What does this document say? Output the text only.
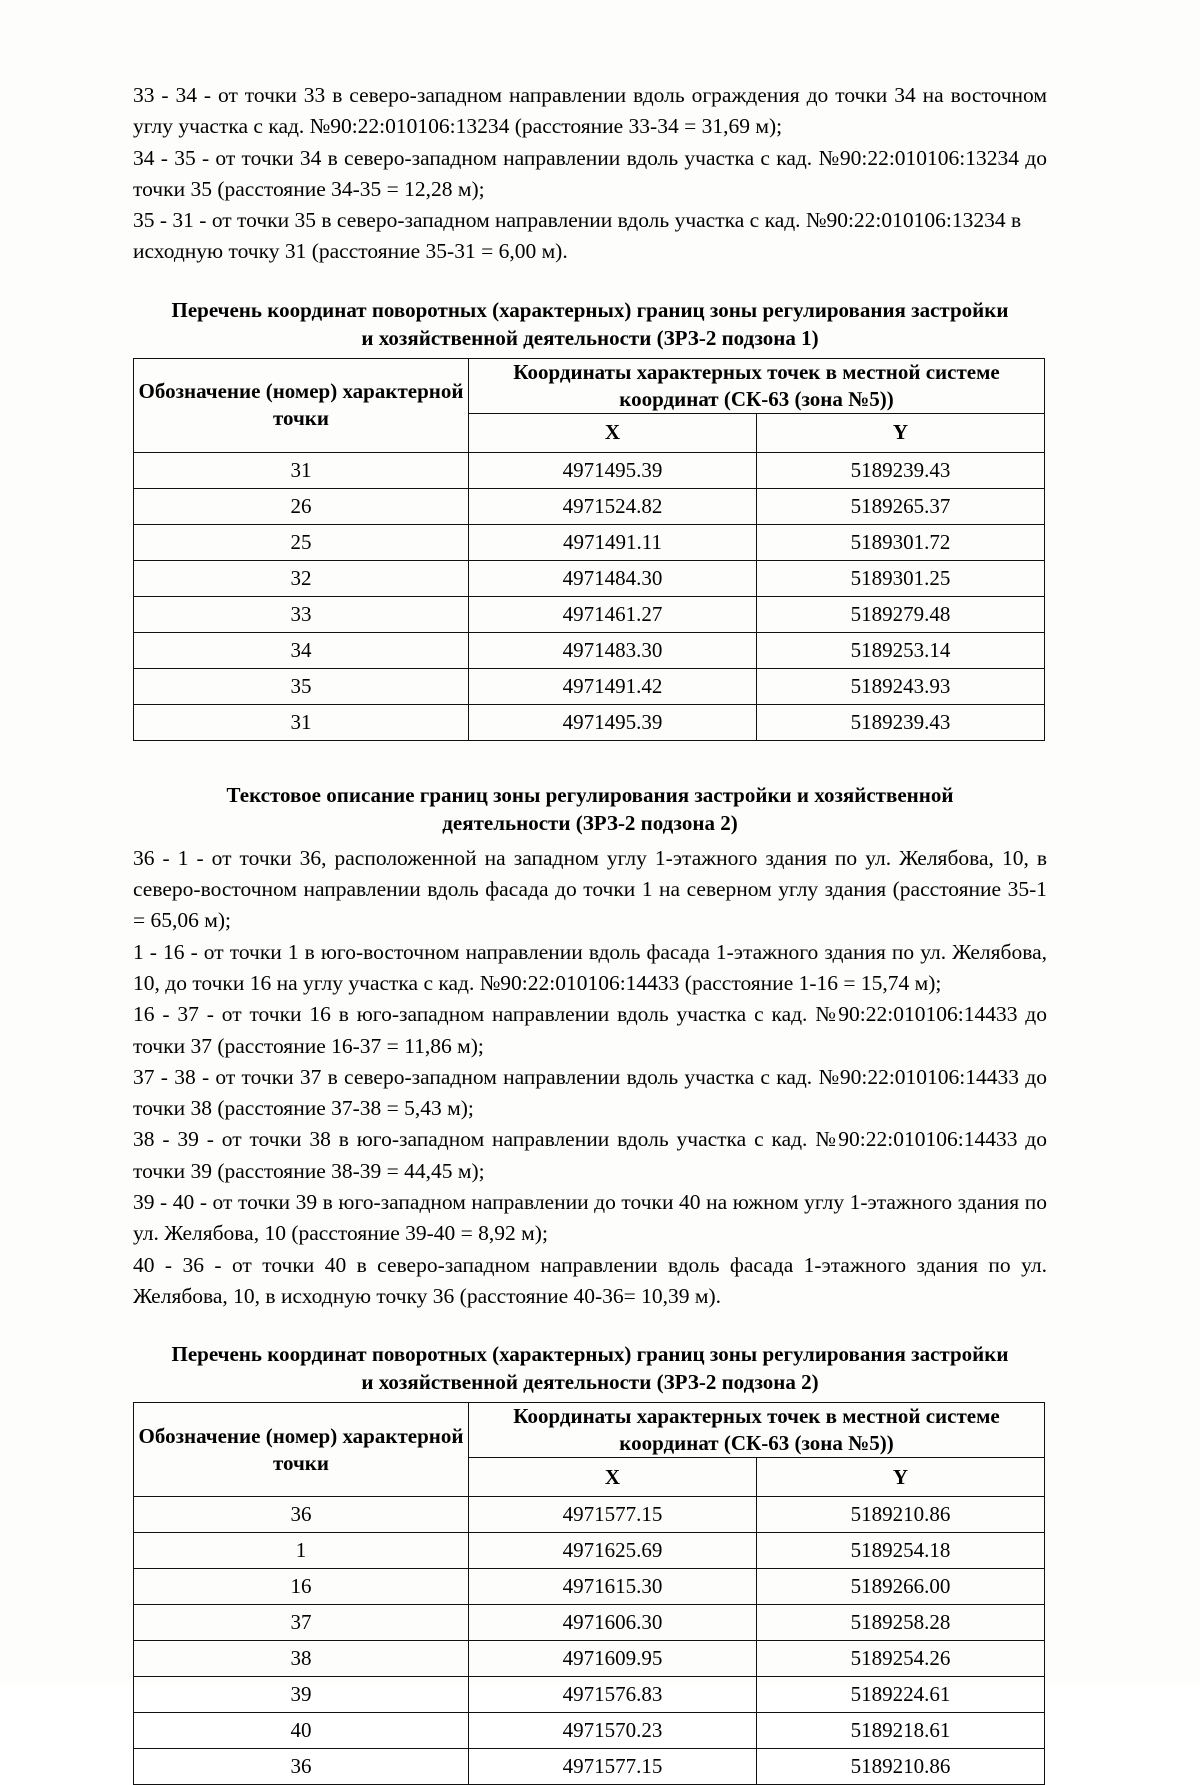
33 - 34 - от точки 33 в северо-западном направлении вдоль ограждения до точки 34 на восточном углу участка с кад. №90:22:010106:13234 (расстояние 33-34 = 31,69 м);

34 - 35 - от точки 34 в северо-западном направлении вдоль участка с кад. №90:22:010106:13234 до точки 35 (расстояние 34-35 = 12,28 м);

35 - 31 - от точки 35 в северо-западном направлении вдоль участка с кад. №90:22:010106:13234 в исходную точку 31 (расстояние 35-31 = 6,00 м).

Перечень координат поворотных (характерных) границ зоны регулирования застройки
и хозяйственной деятельности (ЗРЗ-2 подзона 1)
Обозначение (номер) характерной точки	Координаты характерных точек в местной системе координат (СК-63 (зона №5))	
	X	Y
31	4971495.39	5189239.43
26	4971524.82	5189265.37
25	4971491.11	5189301.72
32	4971484.30	5189301.25
33	4971461.27	5189279.48
34	4971483.30	5189253.14
35	4971491.42	5189243.93
31	4971495.39	5189239.43
Текстовое описание границ зоны регулирования застройки и хозяйственной
деятельности (ЗРЗ-2 подзона 2)

36 - 1 - от точки 36, расположенной на западном углу 1-этажного здания по ул. Желябова, 10, в северо-восточном направлении вдоль фасада до точки 1 на северном углу здания (расстояние 35-1 = 65,06 м);

1 - 16 - от точки 1 в юго-восточном направлении вдоль фасада 1-этажного здания по ул. Желябова, 10, до точки 16 на углу участка с кад. №90:22:010106:14433 (расстояние 1-16 = 15,74 м);

16 - 37 - от точки 16 в юго-западном направлении вдоль участка с кад. №90:22:010106:14433 до точки 37 (расстояние 16-37 = 11,86 м);

37 - 38 - от точки 37 в северо-западном направлении вдоль участка с кад. №90:22:010106:14433 до точки 38 (расстояние 37-38 = 5,43 м);

38 - 39 - от точки 38 в юго-западном направлении вдоль участка с кад. №90:22:010106:14433 до точки 39 (расстояние 38-39 = 44,45 м);

39 - 40 - от точки 39 в юго-западном направлении до точки 40 на южном углу 1-этажного здания по ул. Желябова, 10 (расстояние 39-40 = 8,92 м);

40 - 36 - от точки 40 в северо-западном направлении вдоль фасада 1-этажного здания по ул. Желябова, 10, в исходную точку 36 (расстояние 40-36= 10,39 м).

Перечень координат поворотных (характерных) границ зоны регулирования застройки
и хозяйственной деятельности (ЗРЗ-2 подзона 2)
Обозначение (номер) характерной точки	Координаты характерных точек в местной системе координат (СК-63 (зона №5))	
	X	Y
36	4971577.15	5189210.86
1	4971625.69	5189254.18
16	4971615.30	5189266.00
37	4971606.30	5189258.28
38	4971609.95	5189254.26
39	4971576.83	5189224.61
40	4971570.23	5189218.61
36	4971577.15	5189210.86
